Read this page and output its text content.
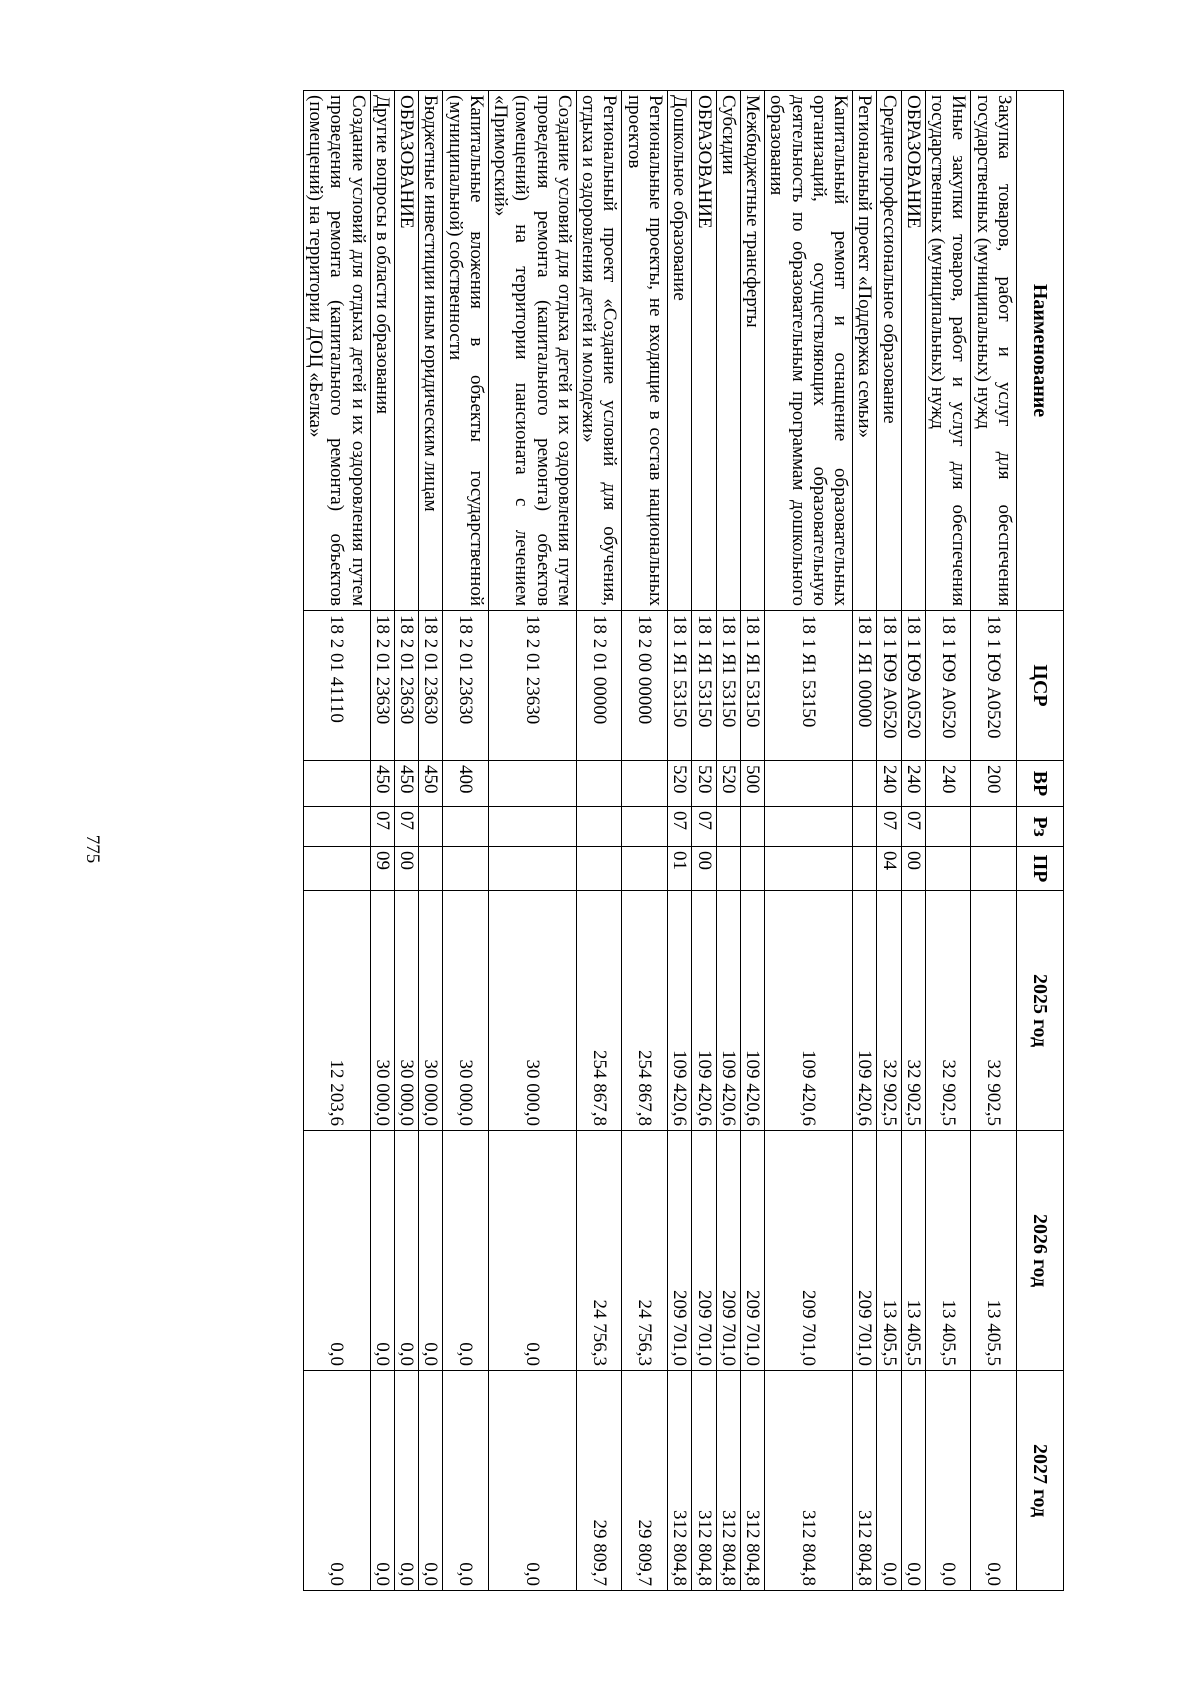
775
Наименование	ЦСР	ВР	Рз	ПР	2025 год	2026 год	2027 год
Закупка товаров, работ и услуг для обеспечения государственных (муниципальных) нужд	18 1 Ю9 А0520	200			32 902,5	13 405,5	0,0
Иные закупки товаров, работ и услуг для обеспечения государственных (муниципальных) нужд	18 1 Ю9 А0520	240			32 902,5	13 405,5	0,0
ОБРАЗОВАНИЕ	18 1 Ю9 А0520	240	07	00	32 902,5	13 405,5	0,0
Среднее профессиональное образование	18 1 Ю9 А0520	240	07	04	32 902,5	13 405,5	0,0
Региональный проект «Поддержка семьи»	18 1 Я1 00000				109 420,6	209 701,0	312 804,8
Капитальный ремонт и оснащение образовательных организаций, осуществляющих образовательную деятельность по образовательным программам дошкольного образования	18 1 Я1 53150				109 420,6	209 701,0	312 804,8
Межбюджетные трансферты	18 1 Я1 53150	500			109 420,6	209 701,0	312 804,8
Субсидии	18 1 Я1 53150	520			109 420,6	209 701,0	312 804,8
ОБРАЗОВАНИЕ	18 1 Я1 53150	520	07	00	109 420,6	209 701,0	312 804,8
Дошкольное образование	18 1 Я1 53150	520	07	01	109 420,6	209 701,0	312 804,8
Региональные проекты, не входящие в состав национальных проектов	18 2 00 00000				254 867,8	24 756,3	29 809,7
Региональный проект «Создание условий для обучения, отдыха и оздоровления детей и молодежи»	18 2 01 00000				254 867,8	24 756,3	29 809,7
Создание условий для отдыха детей и их оздоровления путем проведения ремонта (капитального ремонта) объектов (помещений) на территории пансионата с лечением «Приморский»	18 2 01 23630				30 000,0	0,0	0,0
Капитальные вложения в объекты государственной (муниципальной) собственности	18 2 01 23630	400			30 000,0	0,0	0,0
Бюджетные инвестиции иным юридическим лицам	18 2 01 23630	450			30 000,0	0,0	0,0
ОБРАЗОВАНИЕ	18 2 01 23630	450	07	00	30 000,0	0,0	0,0
Другие вопросы в области образования	18 2 01 23630	450	07	09	30 000,0	0,0	0,0
Создание условий для отдыха детей и их оздоровления путем проведения ремонта (капитального ремонта) объектов (помещений) на территории ДОЦ «Белка»	18 2 01 41110				12 203,6	0,0	0,0
